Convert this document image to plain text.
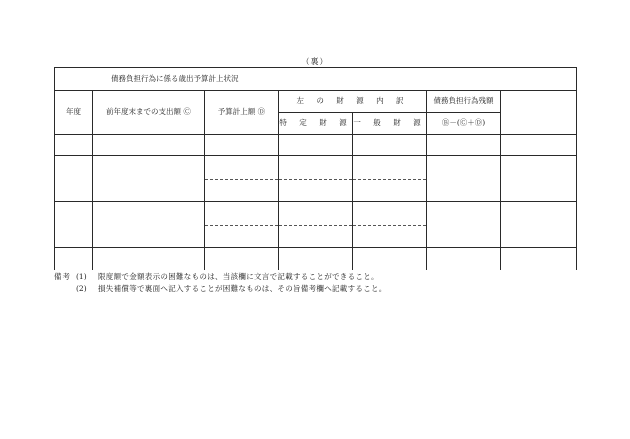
（裏）
債務負担行為に係る歳出予算計上状況						
年度	前年度末までの支出額 Ⓒ	予算計上額 Ⓓ	左 の 財 源 内 訳		債務負担行為残額	
			特 定 財 源	一 般 財 源	Ⓑ－(Ⓒ＋Ⓓ)	

備考 (1)	限度額で金額表示の困難なものは、当該欄に文言で記載することができること。
(2)	損失補償等で裏面へ記入することが困難なものは、その旨備考欄へ記載すること。
